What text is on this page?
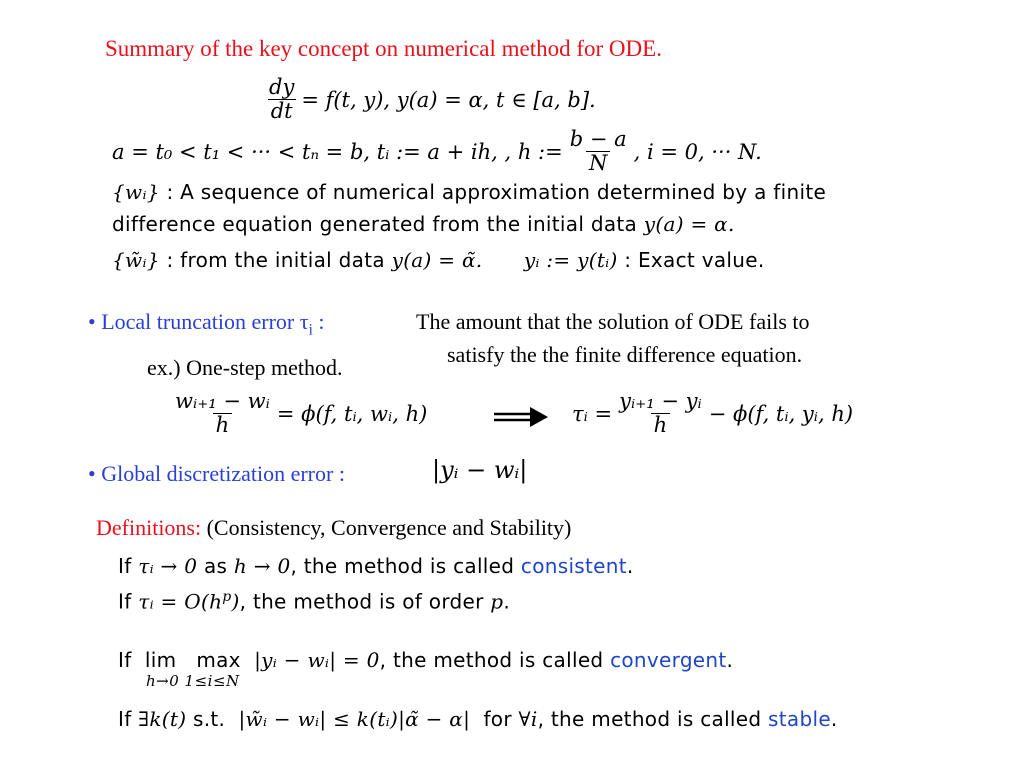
Summary of the key concept on numerical method for ODE.
$\frac{dy}{dt} = f(t$, y), y(a) = α, t ∈ [a, b].
a = t₀ < t₁ < ··· < tₙ = b, tᵢ := a + ih, , h := $\frac{b - a}{N}$ , i = 0, ··· N.
{wᵢ} : A sequence of numerical approximation determined by a finite
difference equation generated from the initial data y(a) = α.
{w̃ᵢ} : from the initial data y(a) = α̃. yᵢ := y(tᵢ) : Exact value.
• Local truncation error $\tau_i$ :	The amount that the solution of ODE fails to
satisfy the the finite difference equation.
ex.) One-step method.
$\frac{\text{wᵢ₊₁ − wᵢ}}{h} = \phi(f$, tᵢ, wᵢ, h)	τᵢ = $\frac{\text{yᵢ₊₁ − yᵢ}}{h} - \phi(f$, tᵢ, yᵢ, h)
• Global discretization error :	|yᵢ − wᵢ|
Definitions: (Consistency, Convergence and Stability)
If τᵢ → 0 as h → 0, the method is called consistent.
If τᵢ = $O(h^p)$, the method is of order p.
If  lim   max  |yᵢ − wᵢ| = 0, the method is called convergent.
h→0 1≤i≤N
If ∃k(t) s.t.  |w̃ᵢ − wᵢ| ≤ k(tᵢ)|α̃ − α|  for ∀i, the method is called stable.
